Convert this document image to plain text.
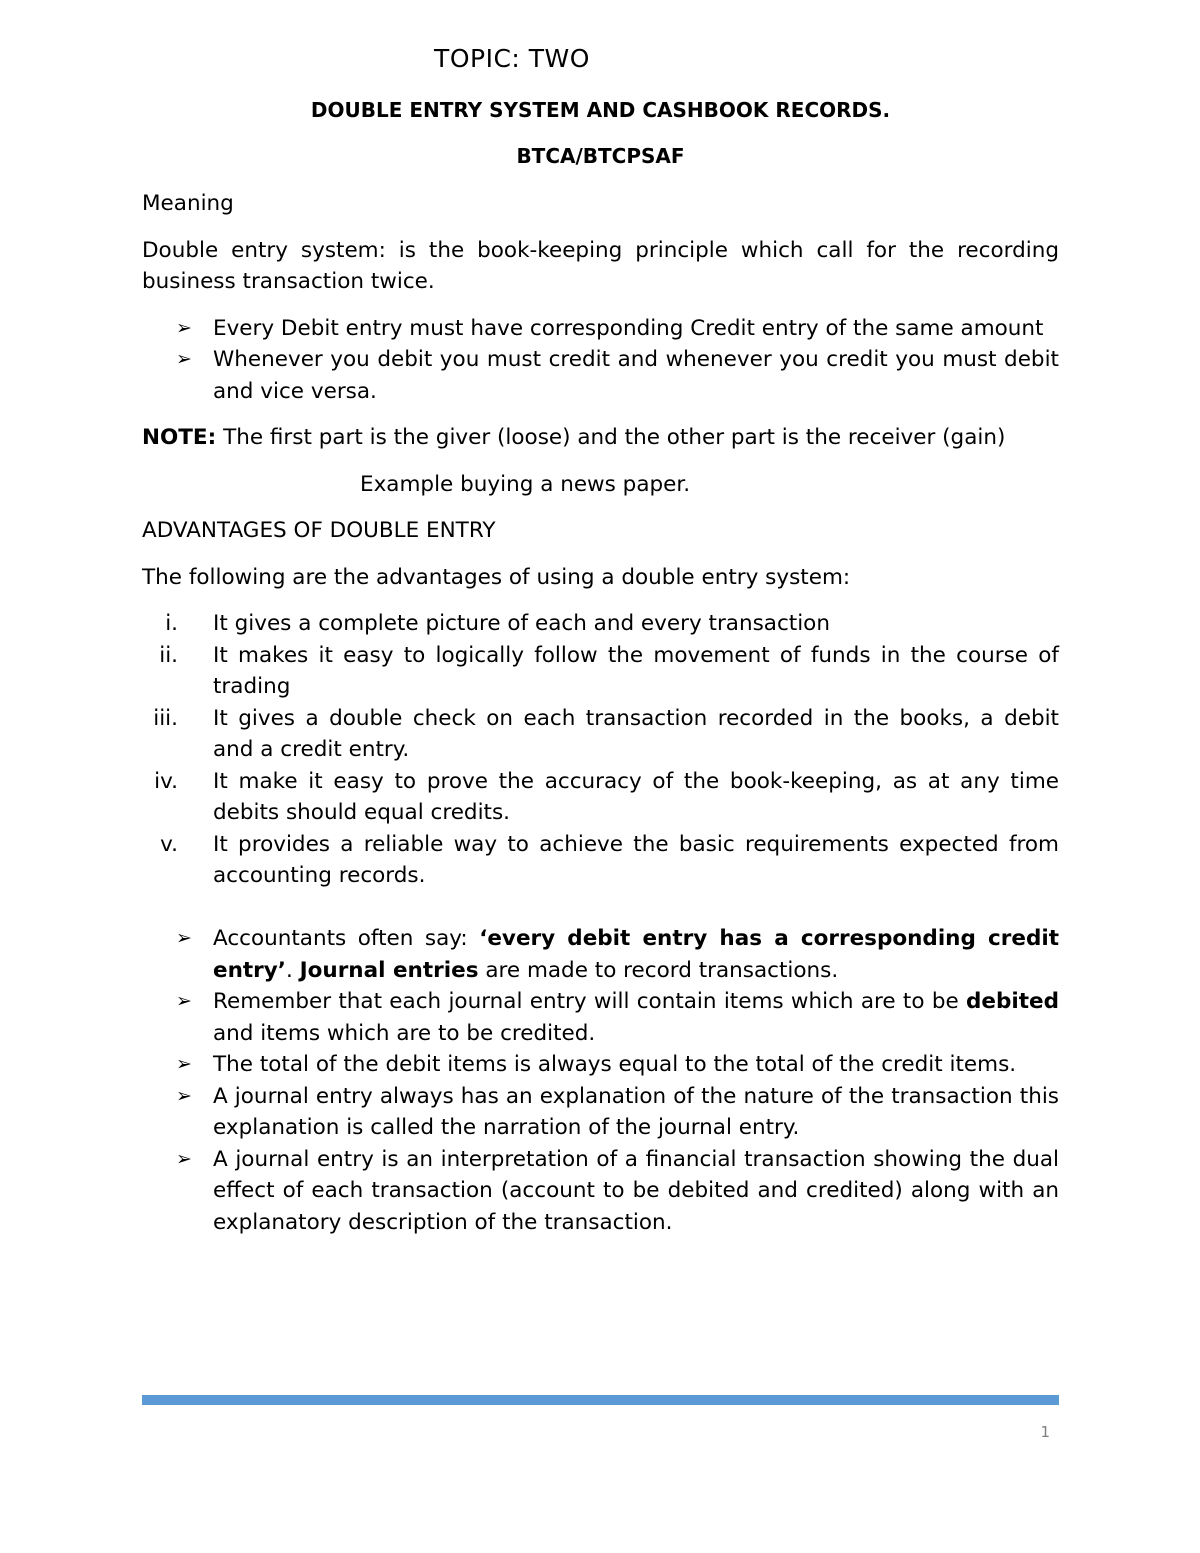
TOPIC: TWO
DOUBLE ENTRY SYSTEM AND CASHBOOK RECORDS.
BTCA/BTCPSAF

Meaning

Double entry system: is the book-keeping principle which call for the recording business transaction twice.

➢ Every Debit entry must have corresponding Credit entry of the same amount
➢ Whenever you debit you must credit and whenever you credit you must debit and vice versa.

NOTE: The first part is the giver (loose) and the other part is the receiver (gain)

Example buying a news paper.

ADVANTAGES OF DOUBLE ENTRY

The following are the advantages of using a double entry system:

i. It gives a complete picture of each and every transaction
ii. It makes it easy to logically follow the movement of funds in the course of trading
iii. It gives a double check on each transaction recorded in the books, a debit and a credit entry.
iv. It make it easy to prove the accuracy of the book-keeping, as at any time debits should equal credits.
v. It provides a reliable way to achieve the basic requirements expected from accounting records.
➢ Accountants often say: ‘every debit entry has a corresponding credit entry’. Journal entries are made to record transactions.
➢ Remember that each journal entry will contain items which are to be debited and items which are to be credited.
➢ The total of the debit items is always equal to the total of the credit items.
➢ A journal entry always has an explanation of the nature of the transaction this explanation is called the narration of the journal entry.
➢ A journal entry is an interpretation of a financial transaction showing the dual effect of each transaction (account to be debited and credited) along with an explanatory description of the transaction.
1
